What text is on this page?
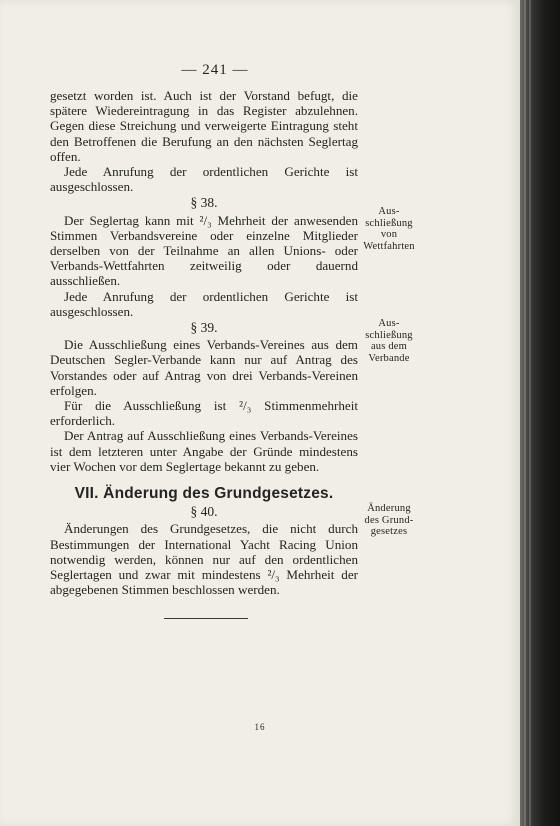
— 241 —

gesetzt worden ist. Auch ist der Vorstand befugt, die spätere Wiedereintragung in das Register abzulehnen. Gegen diese Streichung und verweigerte Eintragung steht den Betroffenen die Berufung an den nächsten Seglertag offen.

Jede Anrufung der ordentlichen Gerichte ist ausgeschlossen.

§ 38.

Der Seglertag kann mit ²/₃ Mehrheit der anwesenden Stimmen Verbandsvereine oder einzelne Mitglieder derselben von der Teilnahme an allen Unions- oder Verbands-Wettfahrten zeitweilig oder dauernd ausschließen.

Jede Anrufung der ordentlichen Gerichte ist ausgeschlossen.

§ 39.

Die Ausschließung eines Verbands-Vereines aus dem Deutschen Segler-Verbande kann nur auf Antrag des Vorstandes oder auf Antrag von drei Verbands-Vereinen erfolgen.

Für die Ausschließung ist ²/₃ Stimmenmehrheit erforderlich.

Der Antrag auf Ausschließung eines Verbands-Vereines ist dem letzteren unter Angabe der Gründe mindestens vier Wochen vor dem Seglertage bekannt zu geben.

VII. Änderung des Grundgesetzes.
§ 40.

Änderungen des Grundgesetzes, die nicht durch Bestimmungen der International Yacht Racing Union notwendig werden, können nur auf den ordentlichen Seglertagen und zwar mit mindestens ²/₃ Mehrheit der abgegebenen Stimmen beschlossen werden.

Aus-
schließung
von
Wettfahrten
Aus-
schließung
aus dem
Verbande
Änderung
des Grund-
gesetzes
16
